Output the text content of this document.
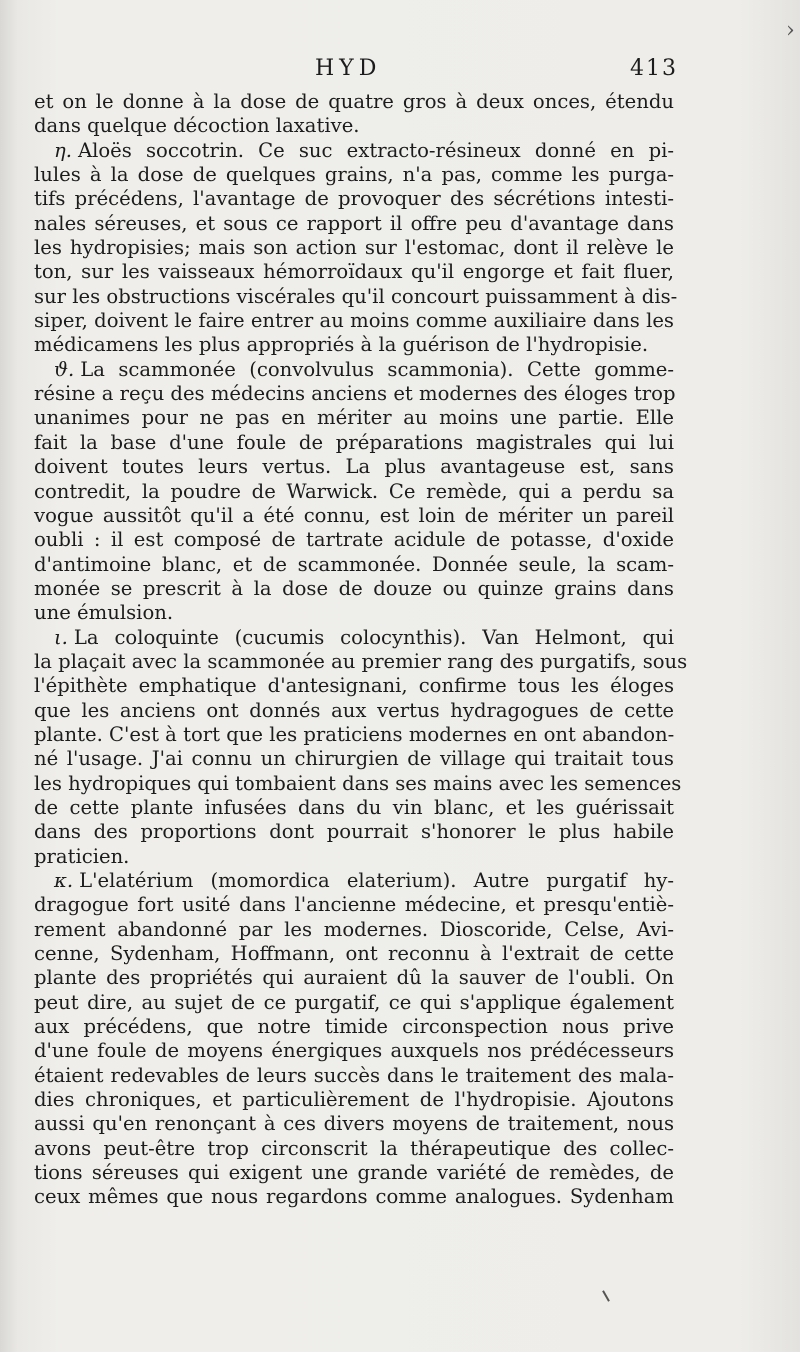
›
HYD	413
et on le donne à la dose de quatre gros à deux onces, étendu
dans quelque décoction laxative.
η. Aloës soccotrin. Ce suc extracto-résineux donné en pi-
lules à la dose de quelques grains, n'a pas, comme les purga-
tifs précédens, l'avantage de provoquer des sécrétions intesti-
nales séreuses, et sous ce rapport il offre peu d'avantage dans
les hydropisies; mais son action sur l'estomac, dont il relève le
ton, sur les vaisseaux hémorroïdaux qu'il engorge et fait fluer,
sur les obstructions viscérales qu'il concourt puissamment à dis-
siper, doivent le faire entrer au moins comme auxiliaire dans les
médicamens les plus appropriés à la guérison de l'hydropisie.
ϑ. La scammonée (convolvulus scammonia). Cette gomme-
résine a reçu des médecins anciens et modernes des éloges trop
unanimes pour ne pas en mériter au moins une partie. Elle
fait la base d'une foule de préparations magistrales qui lui
doivent toutes leurs vertus. La plus avantageuse est, sans
contredit, la poudre de Warwick. Ce remède, qui a perdu sa
vogue aussitôt qu'il a été connu, est loin de mériter un pareil
oubli : il est composé de tartrate acidule de potasse, d'oxide
d'antimoine blanc, et de scammonée. Donnée seule, la scam-
monée se prescrit à la dose de douze ou quinze grains dans
une émulsion.
ι. La coloquinte (cucumis colocynthis). Van Helmont, qui
la plaçait avec la scammonée au premier rang des purgatifs, sous
l'épithète emphatique d'antesignani, confirme tous les éloges
que les anciens ont donnés aux vertus hydragogues de cette
plante. C'est à tort que les praticiens modernes en ont abandon-
né l'usage. J'ai connu un chirurgien de village qui traitait tous
les hydropiques qui tombaient dans ses mains avec les semences
de cette plante infusées dans du vin blanc, et les guérissait
dans des proportions dont pourrait s'honorer le plus habile
praticien.
κ. L'elatérium (momordica elaterium). Autre purgatif hy-
dragogue fort usité dans l'ancienne médecine, et presqu'entiè-
rement abandonné par les modernes. Dioscoride, Celse, Avi-
cenne, Sydenham, Hoffmann, ont reconnu à l'extrait de cette
plante des propriétés qui auraient dû la sauver de l'oubli. On
peut dire, au sujet de ce purgatif, ce qui s'applique également
aux précédens, que notre timide circonspection nous prive
d'une foule de moyens énergiques auxquels nos prédécesseurs
étaient redevables de leurs succès dans le traitement des mala-
dies chroniques, et particulièrement de l'hydropisie. Ajoutons
aussi qu'en renonçant à ces divers moyens de traitement, nous
avons peut-être trop circonscrit la thérapeutique des collec-
tions séreuses qui exigent une grande variété de remèdes, de
ceux mêmes que nous regardons comme analogues. Sydenham
